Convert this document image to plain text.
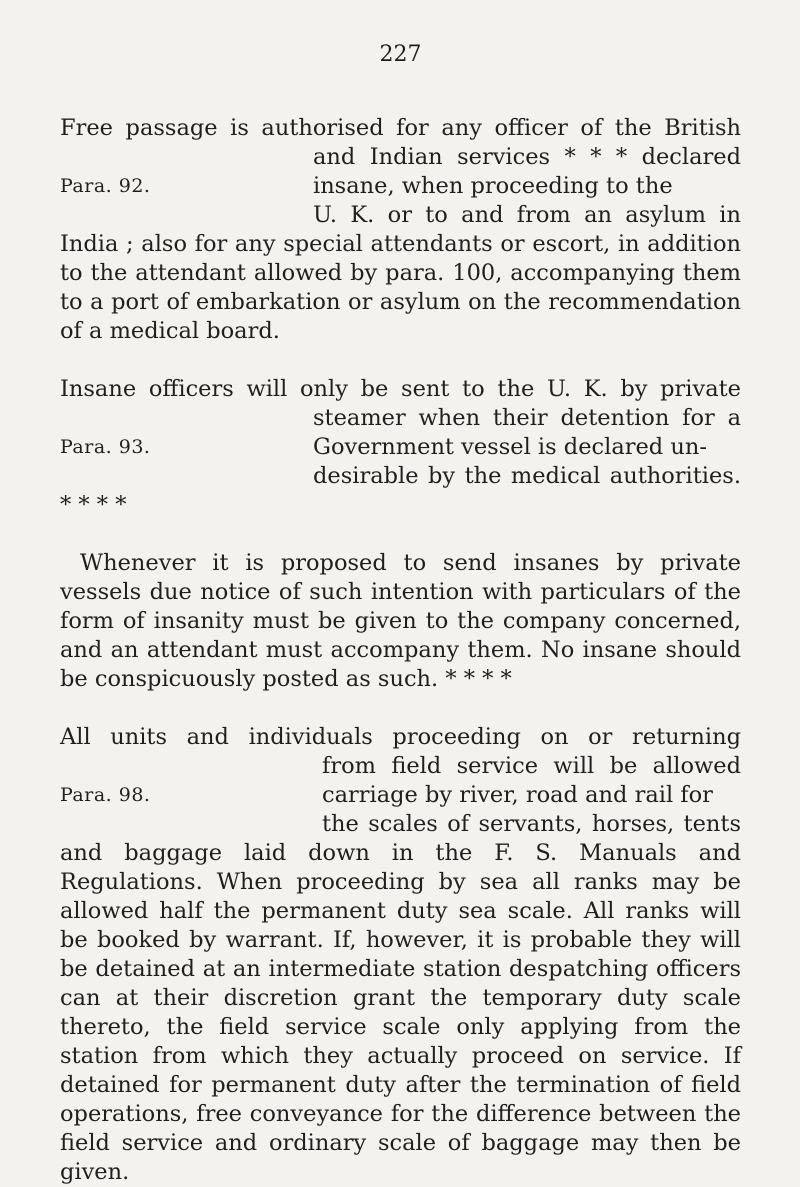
227
Free passage is authorised for any officer of the British
Para. 92.
and Indian services * * * declared insane, when proceeding to the
U. K. or to and from an asylum in India ; also for any special attendants or escort, in addition to the attendant allowed by para. 100, accompanying them to a port of embarkation or asylum on the recommendation of a medical board.
Insane officers will only be sent to the U. K. by private
Para. 93.
steamer when their detention for a Government vessel is declared un-
desirable by the medical authorities. * * * *
Whenever it is proposed to send insanes by private vessels due notice of such intention with particulars of the form of insanity must be given to the company concerned, and an attendant must accompany them. No insane should be conspicuously posted as such. * * * *
All units and individuals proceeding on or returning
Para. 98.
from field service will be allowed carriage by river, road and rail for
the scales of servants, horses, tents and baggage laid down in the F. S. Manuals and Regulations. When proceeding by sea all ranks may be allowed half the permanent duty sea scale. All ranks will be booked by warrant. If, however, it is probable they will be detained at an intermediate station despatching officers can at their discretion grant the temporary duty scale thereto, the field service scale only applying from the station from which they actually proceed on service. If detained for permanent duty after the termination of field operations, free conveyance for the difference between the field service and ordinary scale of baggage may then be given.
